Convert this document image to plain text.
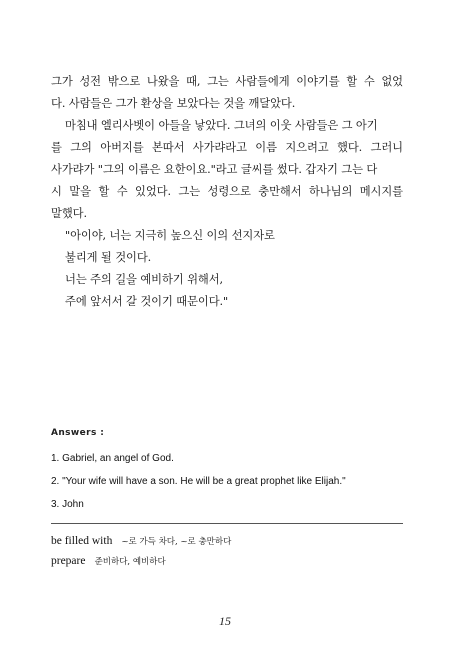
그가 성전 밖으로 나왔을 때, 그는 사람들에게 이야기를 할 수 없었
다. 사람들은 그가 환상을 보았다는 것을 깨달았다.
마침내 엘리사벳이 아들을 낳았다. 그녀의 이웃 사람들은 그 아기
를 그의 아버지를 본따서 사가랴라고 이름 지으려고 했다. 그러니
사가랴가 "그의 이름은 요한이요."라고 글씨를 썼다. 갑자기 그는 다
시 말을 할 수 있었다. 그는 성령으로 충만해서 하나님의 메시지를
말했다.
"아이야, 너는 지극히 높으신 이의 선지자로
불리게 될 것이다.
너는 주의 길을 예비하기 위해서,
주에 앞서서 갈 것이기 때문이다."
Answers :
1. Gabriel, an angel of God.
2. "Your wife will have a son. He will be a great prophet like Elijah."
3. John
be filled with ~로 가득 차다, ~로 충만하다
prepare 준비하다, 예비하다
15
